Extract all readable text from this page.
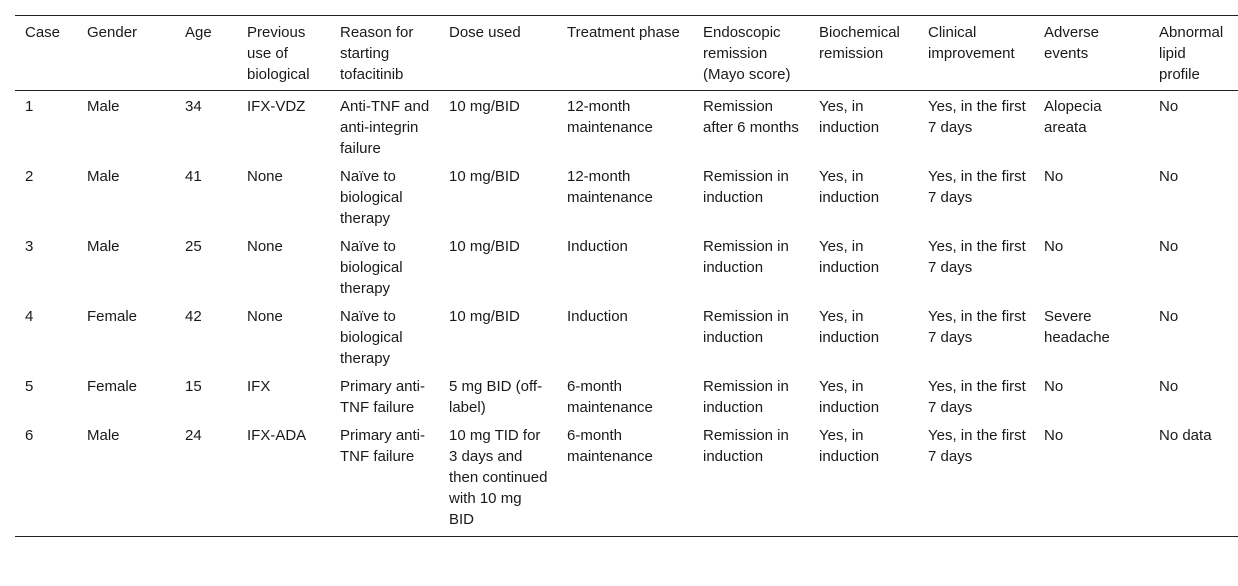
Case	Gender	Age	Previous use of biological	Reason for starting tofacitinib	Dose used	Treatment phase	Endoscopic remission (Mayo score)	Biochemical remission	Clinical improvement	Adverse events	Abnormal lipid profile
1	Male	34	IFX-VDZ	Anti-TNF and anti-integrin failure	10 mg/BID	12-month maintenance	Remission after 6 months	Yes, in induction	Yes, in the first 7 days	Alopecia areata	No
2	Male	41	None	Naïve to biological therapy	10 mg/BID	12-month maintenance	Remission in induction	Yes, in induction	Yes, in the first 7 days	No	No
3	Male	25	None	Naïve to biological therapy	10 mg/BID	Induction	Remission in induction	Yes, in induction	Yes, in the first 7 days	No	No
4	Female	42	None	Naïve to biological therapy	10 mg/BID	Induction	Remission in induction	Yes, in induction	Yes, in the first 7 days	Severe headache	No
5	Female	15	IFX	Primary anti-TNF failure	5 mg BID (off-label)	6-month maintenance	Remission in induction	Yes, in induction	Yes, in the first 7 days	No	No
6	Male	24	IFX-ADA	Primary anti-TNF failure	10 mg TID for 3 days and then continued with 10 mg BID	6-month maintenance	Remission in induction	Yes, in induction	Yes, in the first 7 days	No	No data
